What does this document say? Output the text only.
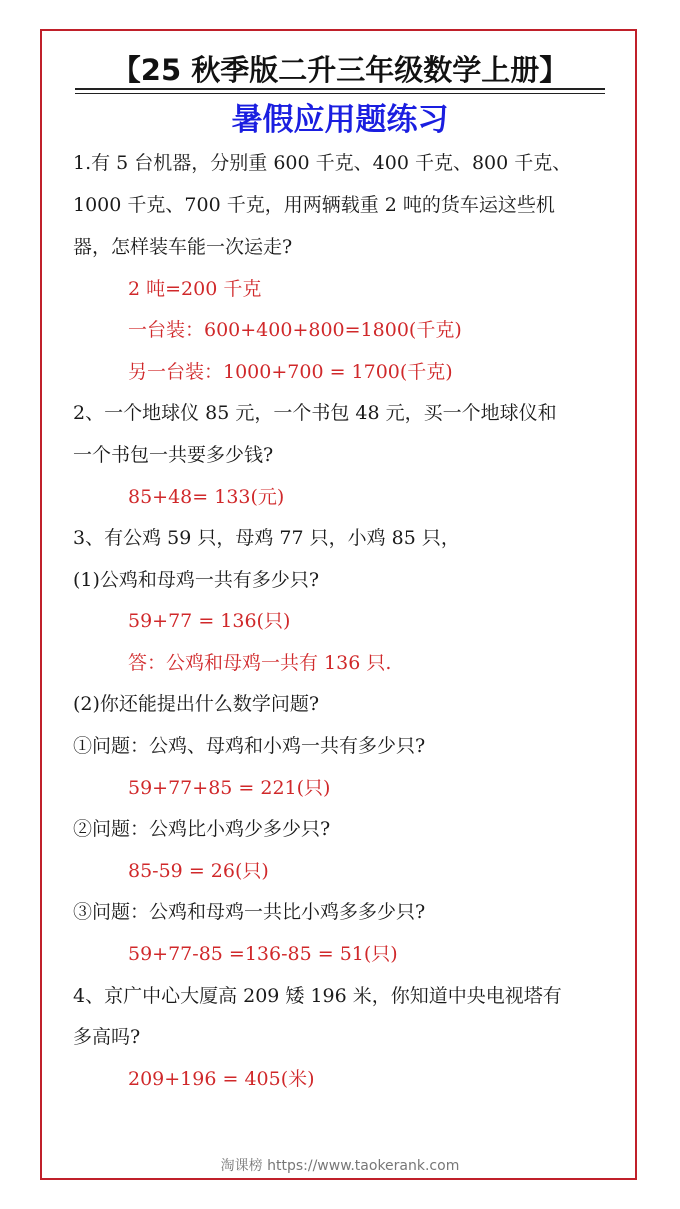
【25 秋季版二升三年级数学上册】
暑假应用题练习
1.有 5 台机器，分别重 600 千克、400 千克、800 千克、
1000 千克、700 千克，用两辆载重 2 吨的货车运这些机
器，怎样装车能一次运走?
2 吨=200 千克
一台装：600+400+800=1800(千克)
另一台装：1000+700 = 1700(千克)
2、一个地球仪 85 元，一个书包 48 元，买一个地球仪和
一个书包一共要多少钱?
85+48= 133(元)
3、有公鸡 59 只，母鸡 77 只，小鸡 85 只，
(1)公鸡和母鸡一共有多少只?
59+77 = 136(只)
答：公鸡和母鸡一共有 136 只.
(2)你还能提出什么数学问题?
①问题：公鸡、母鸡和小鸡一共有多少只?
59+77+85 = 221(只)
②问题：公鸡比小鸡少多少只?
85-59 = 26(只)
③问题：公鸡和母鸡一共比小鸡多多少只?
59+77-85 =136-85 = 51(只)
4、京广中心大厦高 209 矮 196 米，你知道中央电视塔有
多高吗?
209+196 = 405(米)
淘课榜 https://www.taokerank.com
